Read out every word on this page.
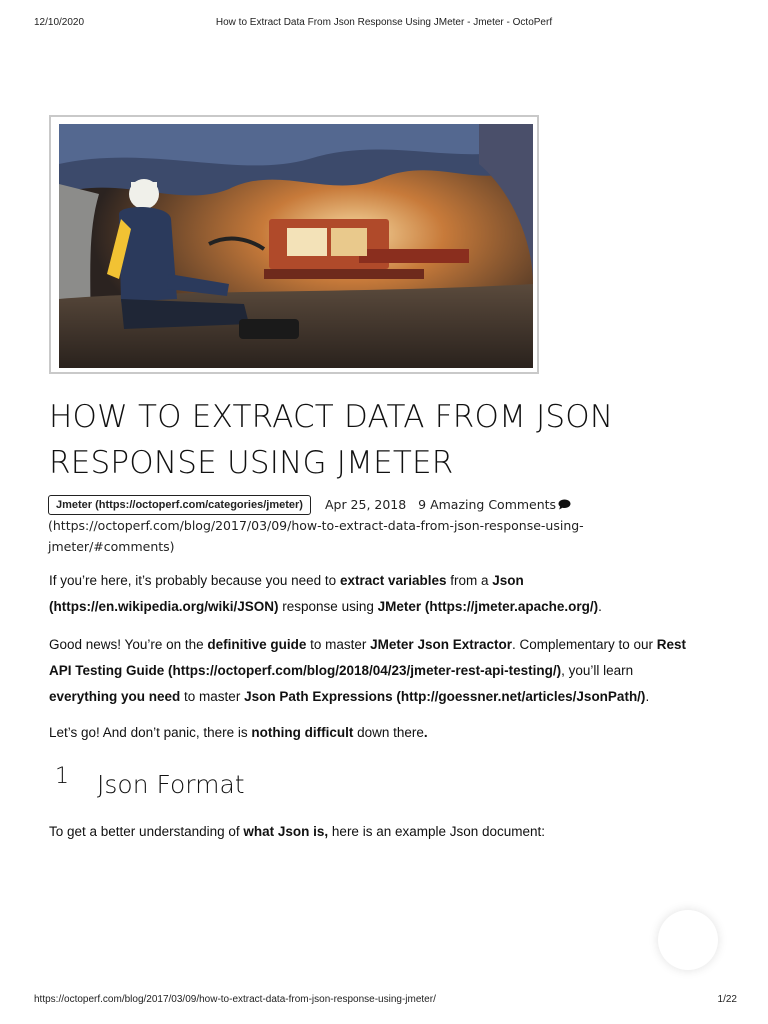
12/10/2020	How to Extract Data From Json Response Using JMeter - Jmeter - OctoPerf
HOW TO EXTRACT DATA FROM JSON
RESPONSE USING JMETER
Jmeter (https://octoperf.com/categories/jmeter) Apr 25, 2018 9 Amazing Comments
(https://octoperf.com/blog/2017/03/09/how-to-extract-data-from-json-response-using-
jmeter/#comments)

If you’re here, it’s probably because you need to extract variables from a Json
(https://en.wikipedia.org/wiki/JSON) response using JMeter (https://jmeter.apache.org/).

Good news! You’re on the definitive guide to master JMeter Json Extractor. Complementary to our Rest
API Testing Guide (https://octoperf.com/blog/2018/04/23/jmeter-rest-api-testing/), you’ll learn
everything you need to master Json Path Expressions (http://goessner.net/articles/JsonPath/).

Let’s go! And don’t panic, there is nothing difficult down there.

1 Json Format

To get a better understanding of what Json is, here is an example Json document:

https://octoperf.com/blog/2017/03/09/how-to-extract-data-from-json-response-using-jmeter/	1/22
